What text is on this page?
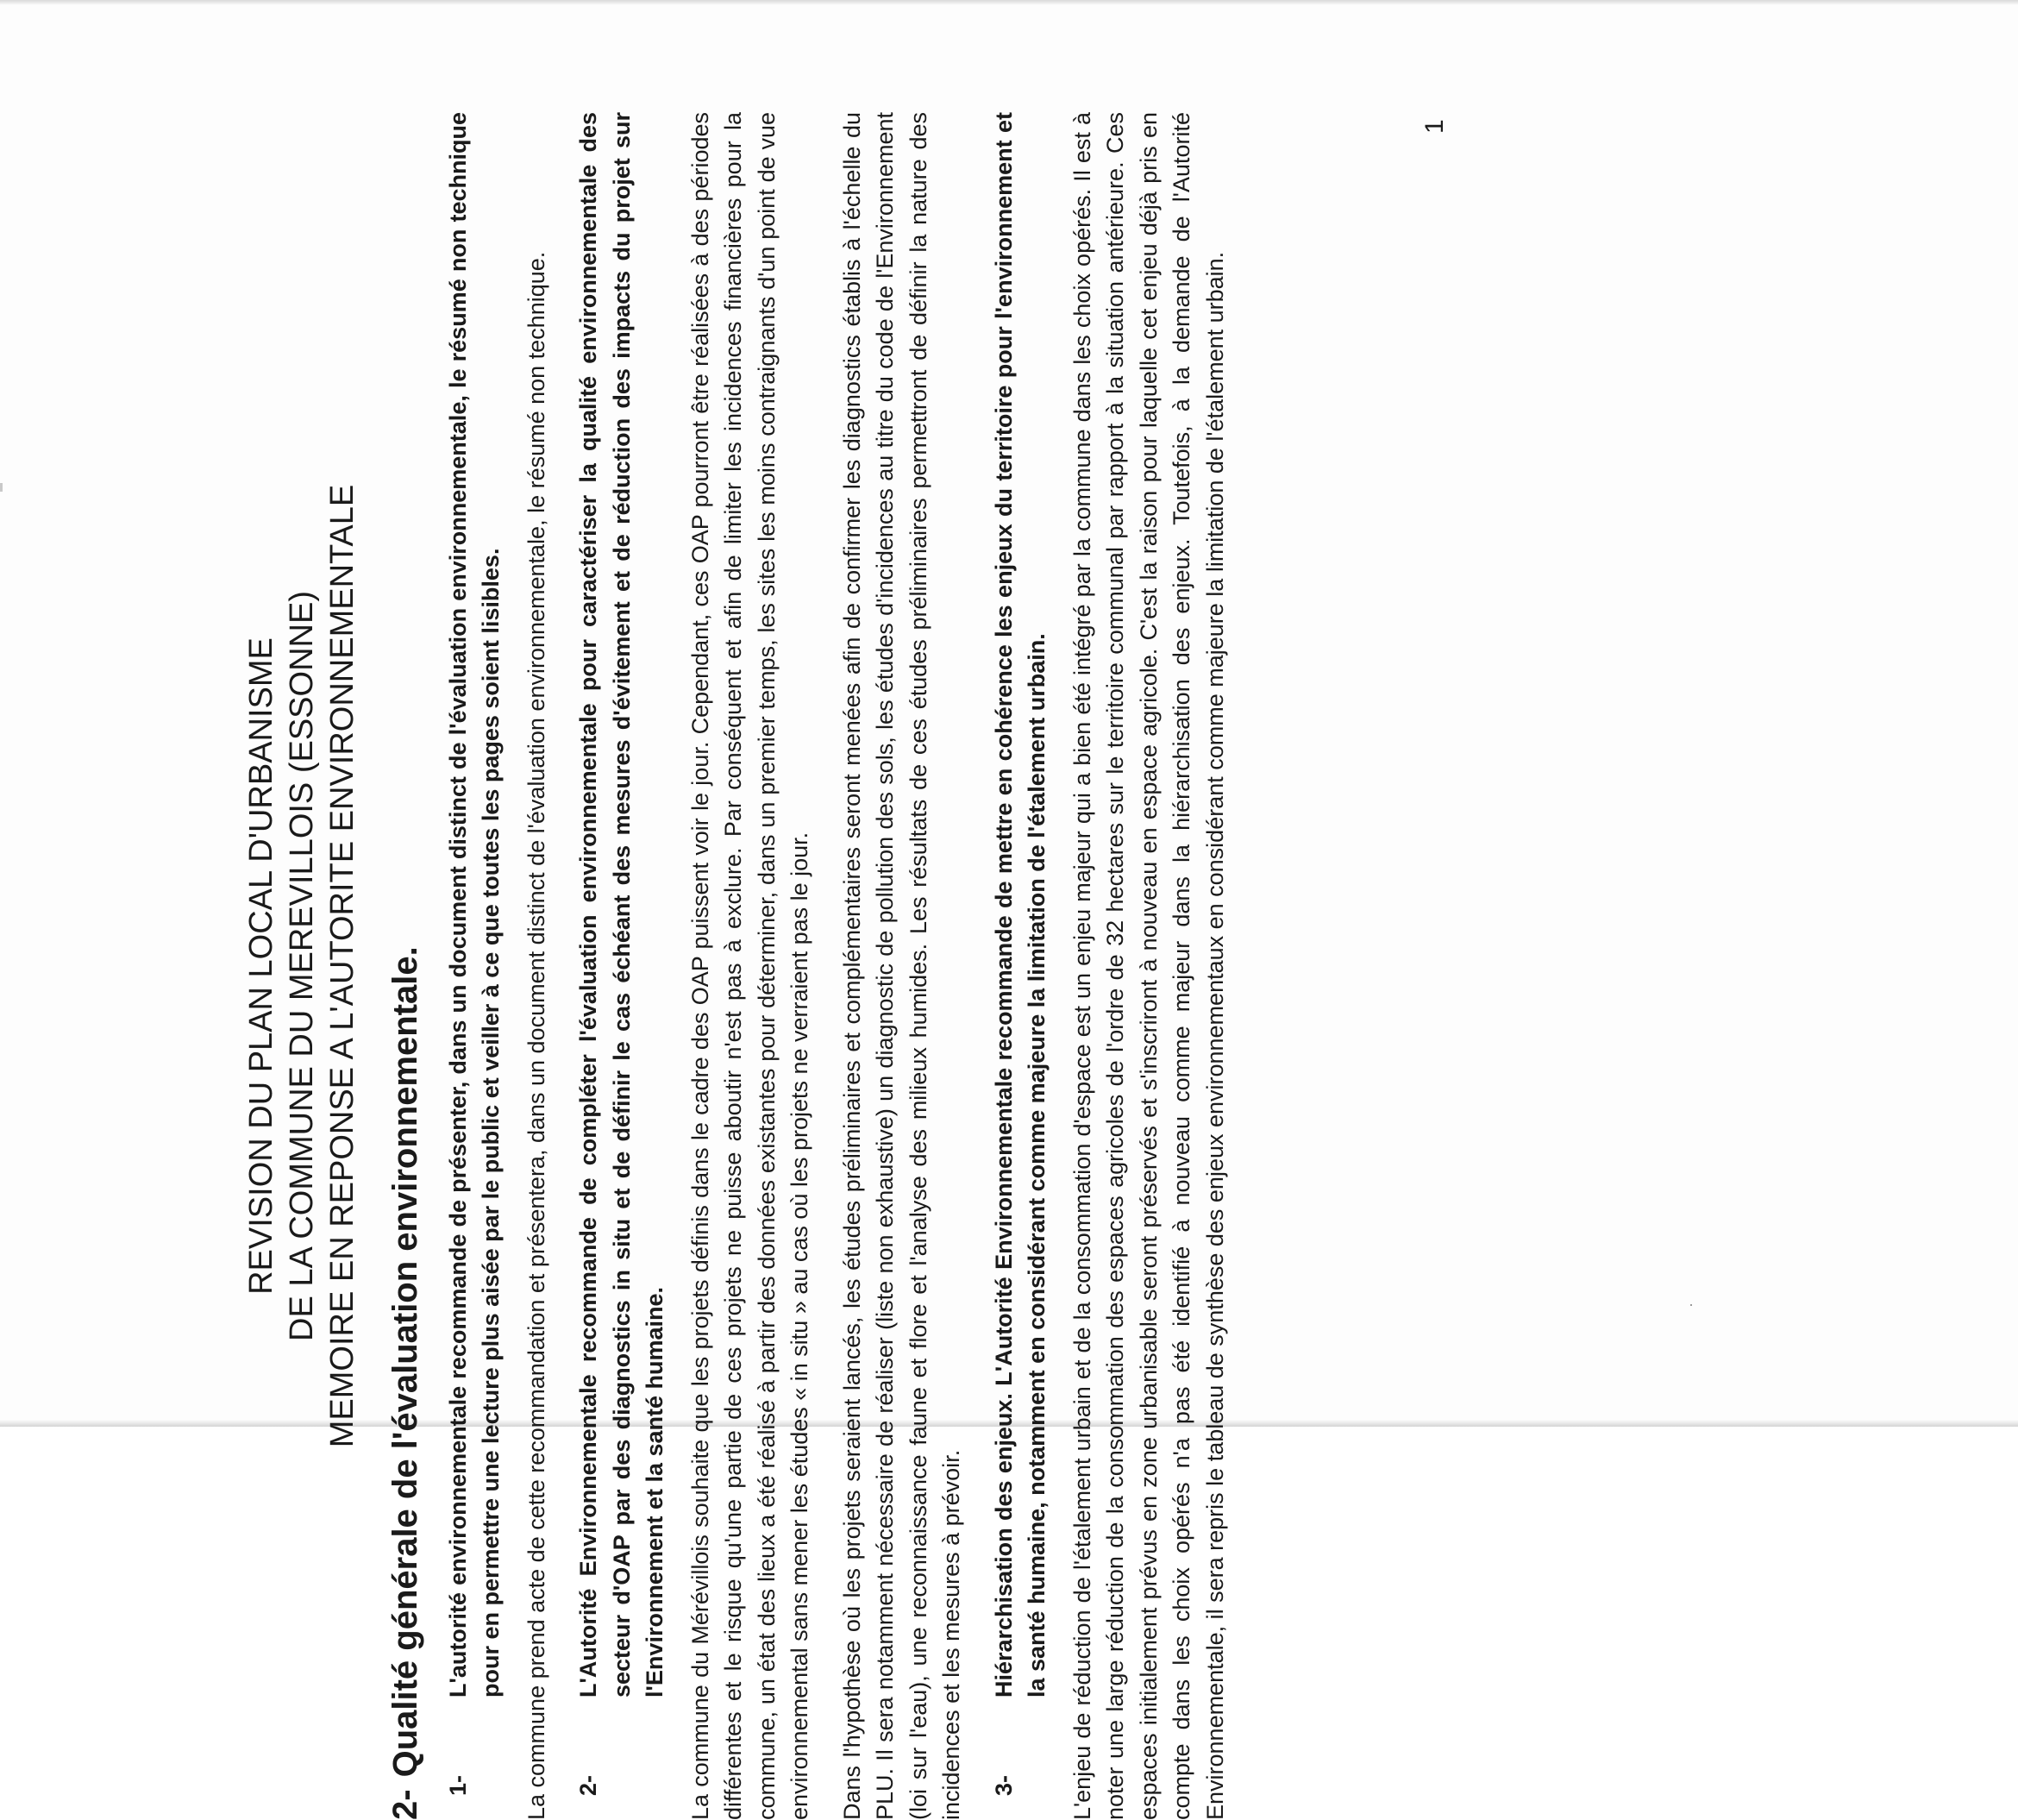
REVISION DU PLAN LOCAL D'URBANISME DE LA COMMUNE DU MEREVILLOIS (ESSONNE) MEMOIRE EN REPONSE A L'AUTORITE ENVIRONNEMENTALE
2-
Qualité générale de l'évaluation environnementale.
1-
L'autorité environnementale recommande de présenter, dans un document distinct de l'évaluation environnementale, le résumé non technique pour en permettre une lecture plus aisée par le public et veiller à ce que toutes les pages soient lisibles. La commune prend acte de cette recommandation et présentera, dans un document distinct de l'évaluation environnementale, le résumé non technique. 2-
L'Autorité Environnementale recommande de compléter l'évaluation environnementale pour caractériser la qualité environnementale des secteur d'OAP par des diagnostics in situ et de définir le cas échéant des mesures d'évitement et de réduction des impacts du projet sur l'Environnement et la santé humaine. La commune du Mérévillois souhaite que les projets définis dans le cadre des OAP puissent voir le jour. Cependant, ces OAP pourront être réalisées à des périodes différentes et le risque qu'une partie de ces projets ne puisse aboutir n'est pas à exclure. Par conséquent et afin de limiter les incidences financières pour la commune, un état des lieux a été réalisé à partir des données existantes pour déterminer, dans un premier temps, les sites les moins contraignants d'un point de vue environnemental sans mener les études « in situ » au cas où les projets ne verraient pas le jour. Dans l'hypothèse où les projets seraient lancés, les études préliminaires et complémentaires seront menées afin de confirmer les diagnostics établis à l'échelle du PLU. Il sera notamment nécessaire de réaliser (liste non exhaustive) un diagnostic de pollution des sols, les études d'incidences au titre du code de l'Environnement (loi sur l'eau), une reconnaissance faune et flore et l'analyse des milieux humides. Les résultats de ces études préliminaires permettront de définir la nature des incidences et les mesures à prévoir. 3-
Hiérarchisation des enjeux. L'Autorité Environnementale recommande de mettre en cohérence les enjeux du territoire pour l'environnement et la santé humaine, notamment en considérant comme majeure la limitation de l'étalement urbain. L'enjeu de réduction de l'étalement urbain et de la consommation d'espace est un enjeu majeur qui a bien été intégré par la commune dans les choix opérés. Il est à noter une large réduction de la consommation des espaces agricoles de l'ordre de 32 hectares sur le territoire communal par rapport à la situation antérieure. Ces espaces initialement prévus en zone urbanisable seront préservés et s'inscriront à nouveau en espace agricole. C'est la raison pour laquelle cet enjeu déjà pris en compte dans les choix opérés n'a pas été identifié à nouveau comme majeur dans la hiérarchisation des enjeux. Toutefois, à la demande de l'Autorité Environnementale, il sera repris le tableau de synthèse des enjeux environnementaux en considérant comme majeure la limitation de l'étalement urbain.

1
